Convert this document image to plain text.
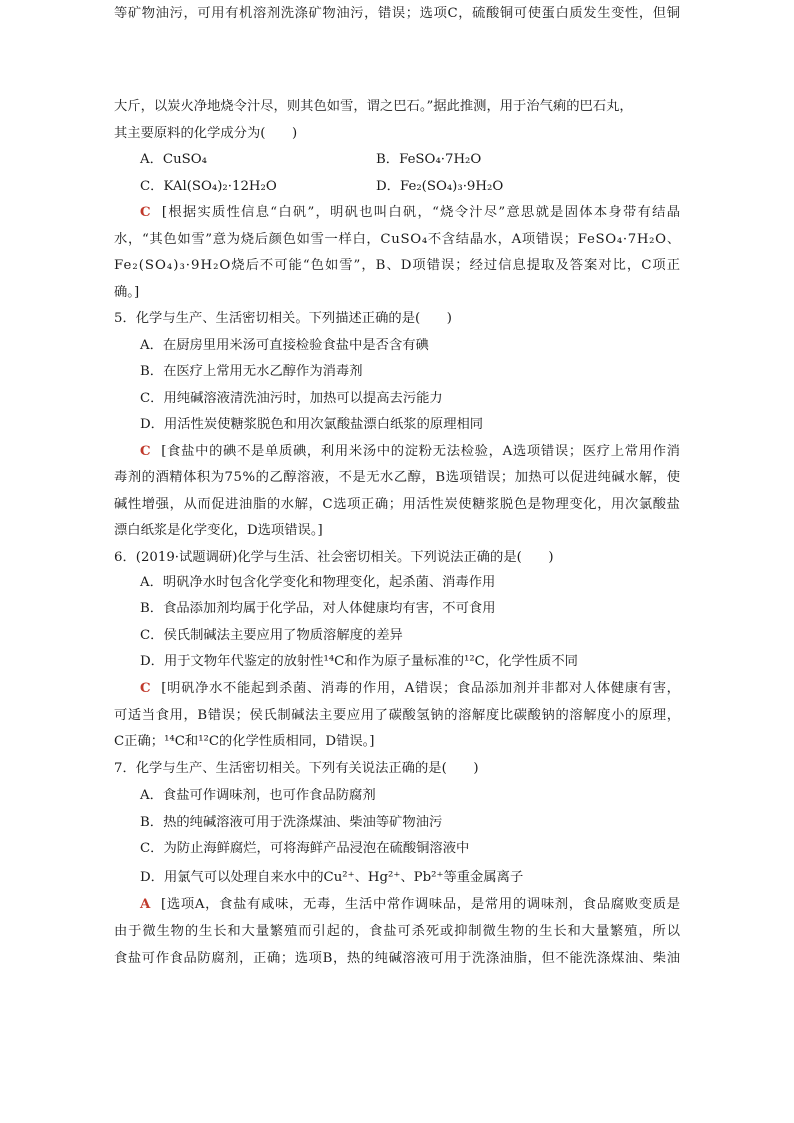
大斤，以炭火净地烧令汁尽，则其色如雪，谓之巴石。”据此推测，用于治气痢的巴石丸，
其主要原料的化学成分为(　　)
A．CuSO₄	B．FeSO₄·7H₂O
C．KAl(SO₄)₂·12H₂O	D．Fe₂(SO₄)₃·9H₂O
C [根据实质性信息“白矾”，明矾也叫白矾，“烧令汁尽”意思就是固体本身带有结晶
水，“其色如雪”意为烧后颜色如雪一样白，CuSO₄不含结晶水，A项错误；FeSO₄·7H₂O、
Fe₂(SO₄)₃·9H₂O烧后不可能“色如雪”，B、D项错误；经过信息提取及答案对比，C项正
确。]
5．化学与生产、生活密切相关。下列描述正确的是(　　)
A．在厨房里用米汤可直接检验食盐中是否含有碘
B．在医疗上常用无水乙醇作为消毒剂
C．用纯碱溶液清洗油污时，加热可以提高去污能力
D．用活性炭使糖浆脱色和用次氯酸盐漂白纸浆的原理相同
C [食盐中的碘不是单质碘，利用米汤中的淀粉无法检验，A选项错误；医疗上常用作消
毒剂的酒精体积为75%的乙醇溶液，不是无水乙醇，B选项错误；加热可以促进纯碱水解，使
碱性增强，从而促进油脂的水解，C选项正确；用活性炭使糖浆脱色是物理变化，用次氯酸盐
漂白纸浆是化学变化，D选项错误。]
6．(2019·试题调研)化学与生活、社会密切相关。下列说法正确的是(　　)
A．明矾净水时包含化学变化和物理变化，起杀菌、消毒作用
B．食品添加剂均属于化学品，对人体健康均有害，不可食用
C．侯氏制碱法主要应用了物质溶解度的差异
D．用于文物年代鉴定的放射性¹⁴C和作为原子量标准的¹²C，化学性质不同
C [明矾净水不能起到杀菌、消毒的作用，A错误；食品添加剂并非都对人体健康有害，
可适当食用，B错误；侯氏制碱法主要应用了碳酸氢钠的溶解度比碳酸钠的溶解度小的原理，
C正确；¹⁴C和¹²C的化学性质相同，D错误。]
7．化学与生产、生活密切相关。下列有关说法正确的是(　　)
A．食盐可作调味剂，也可作食品防腐剂
B．热的纯碱溶液可用于洗涤煤油、柴油等矿物油污
C．为防止海鲜腐烂，可将海鲜产品浸泡在硫酸铜溶液中
D．用氯气可以处理自来水中的Cu²⁺、Hg²⁺、Pb²⁺等重金属离子
A [选项A，食盐有咸味，无毒，生活中常作调味品，是常用的调味剂，食品腐败变质是
由于微生物的生长和大量繁殖而引起的，食盐可杀死或抑制微生物的生长和大量繁殖，所以
食盐可作食品防腐剂，正确；选项B，热的纯碱溶液可用于洗涤油脂，但不能洗涤煤油、柴油
等矿物油污，可用有机溶剂洗涤矿物油污，错误；选项C，硫酸铜可使蛋白质发生变性，但铜
